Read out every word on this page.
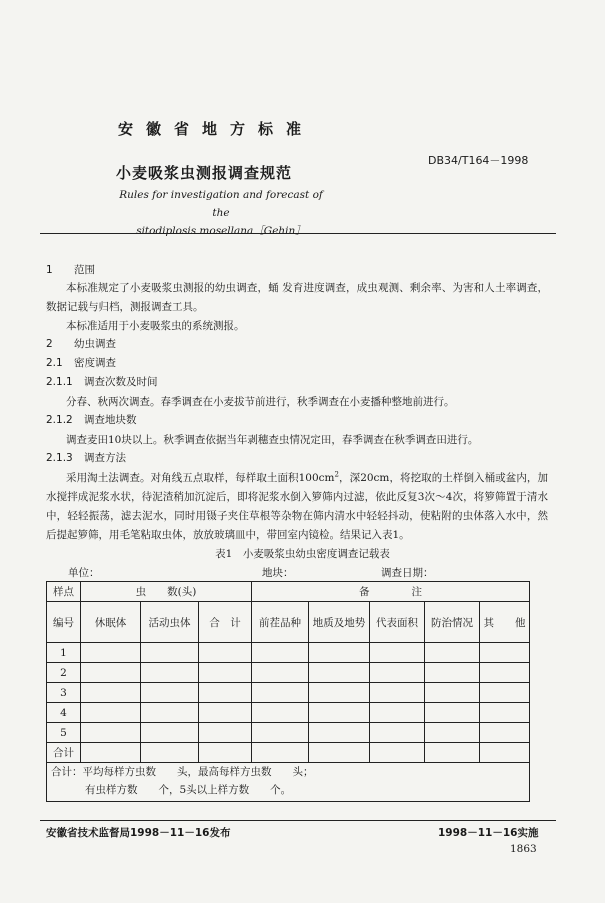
安徽省地方标准
DB34/T164－1998
小麦吸浆虫测报调查规范
Rules for investigation and forecast of the
sitodiplosis mosellana［Gehin］
1 范围
本标准规定了小麦吸浆虫测报的幼虫调查，蛹 发育进度调查，成虫观测、剩余率、为害和人土率调查，数据记载与归档，测报调查工具。
本标准适用于小麦吸浆虫的系统测报。
2 幼虫调查
2.1 密度调查
2.1.1 调查次数及时间
分春、秋两次调查。春季调查在小麦拔节前进行，秋季调查在小麦播种整地前进行。
2.1.2 调查地块数
调查麦田10块以上。秋季调查依据当年剥穗查虫情况定田，春季调查在秋季调查田进行。
2.1.3 调查方法
采用淘土法调查。对角线五点取样，每样取土面积$100cm^2$，深20cm，将挖取的土样倒入桶或盆内，加水搅拌成泥浆水状，待泥渣稍加沉淀后，即将泥浆水倒入箩筛内过滤，依此反复3次～4次，将箩筛置于清水中，轻轻振荡，滤去泥水，同时用镊子夹住草根等杂物在筛内清水中轻轻抖动，使粘附的虫体落入水中，然后提起箩筛，用毛笔粘取虫体，放放玻璃皿中，带回室内镜检。结果记入表1。
表1　小麦吸浆虫幼虫密度调查记载表
单位：	地块：	调查日期：
样点	虫　　数(头)			备　　　　注				
编号	休眠体	活动虫体	合　计	前茬品种	地质及地势	代表面积	防治情况	其　　他
1								
2								
3								
4								
5								
合计								

合计：平均每样方虫数　　头，最高每样方虫数　　头；
有虫样方数　　个，5头以上样方数　　个。								
安徽省技术监督局1998－11－16发布	1998－11－16实施
1863
